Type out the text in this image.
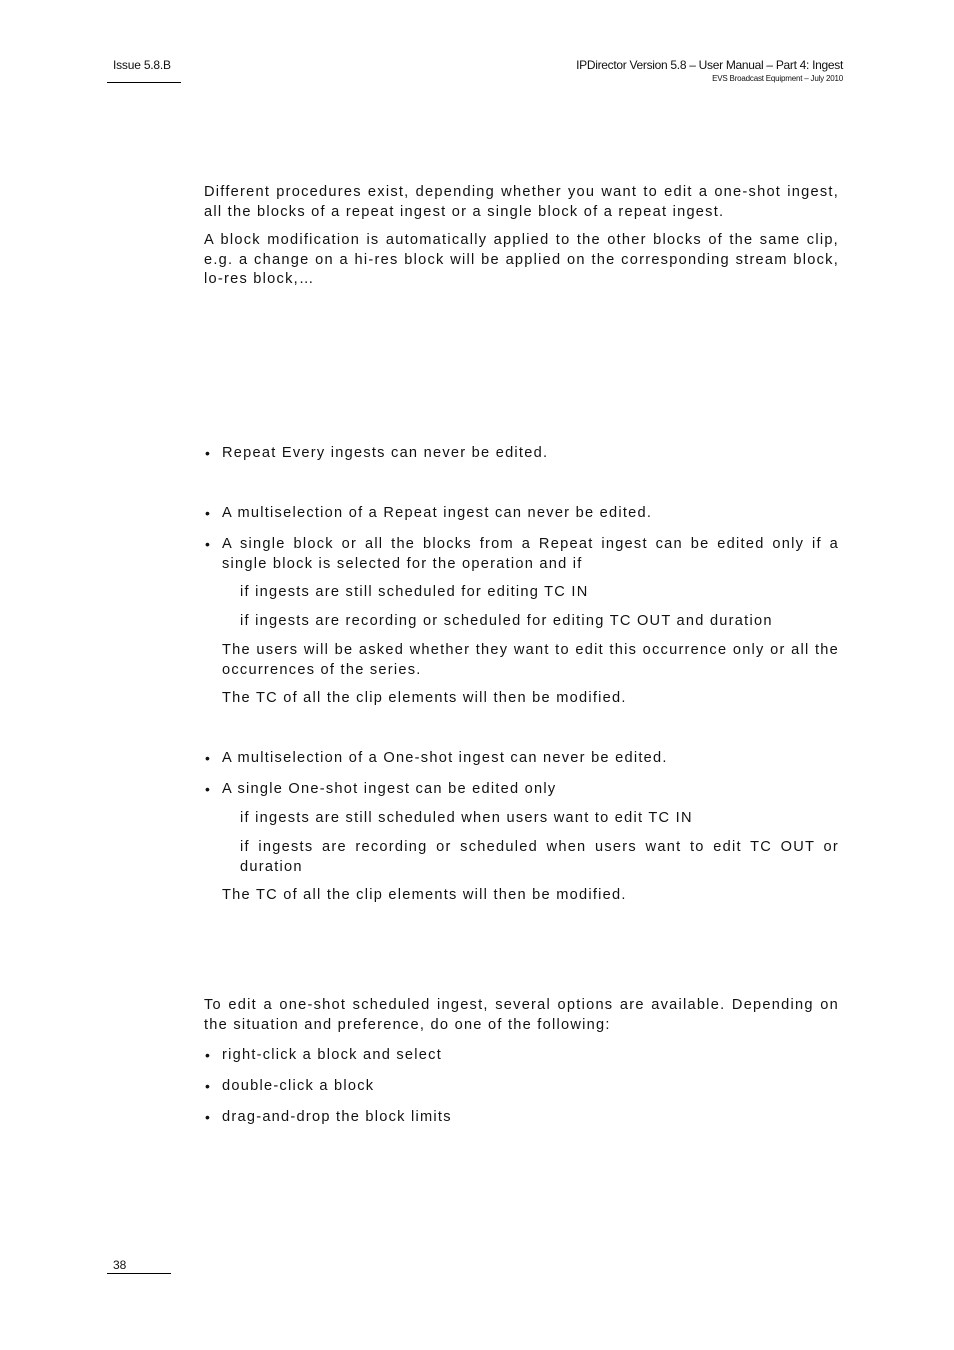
Issue 5.8.B	IPDirector Version 5.8 – User Manual – Part 4: Ingest
EVS Broadcast Equipment – July 2010
Different procedures exist, depending whether you want to edit a one-shot ingest, all the blocks of a repeat ingest or a single block of a repeat ingest.
A block modification is automatically applied to the other blocks of the same clip, e.g. a change on a hi-res block will be applied on the corresponding stream block, lo-res block,…
• Repeat Every ingests can never be edited.
• A multiselection of a Repeat ingest can never be edited.
• A single block or all the blocks from a Repeat ingest can be edited only if a single block is selected for the operation and if
if ingests are still scheduled for editing TC IN
if ingests are recording or scheduled for editing TC OUT and duration
The users will be asked whether they want to edit this occurrence only or all the occurrences of the series.
The TC of all the clip elements will then be modified.
• A multiselection of a One-shot ingest can never be edited.
• A single One-shot ingest can be edited only
if ingests are still scheduled when users want to edit TC IN
if ingests are recording or scheduled when users want to edit TC OUT or duration
The TC of all the clip elements will then be modified.
To edit a one-shot scheduled ingest, several options are available. Depending on the situation and preference, do one of the following:
• right-click a block and select
• double-click a block
• drag-and-drop the block limits
38
